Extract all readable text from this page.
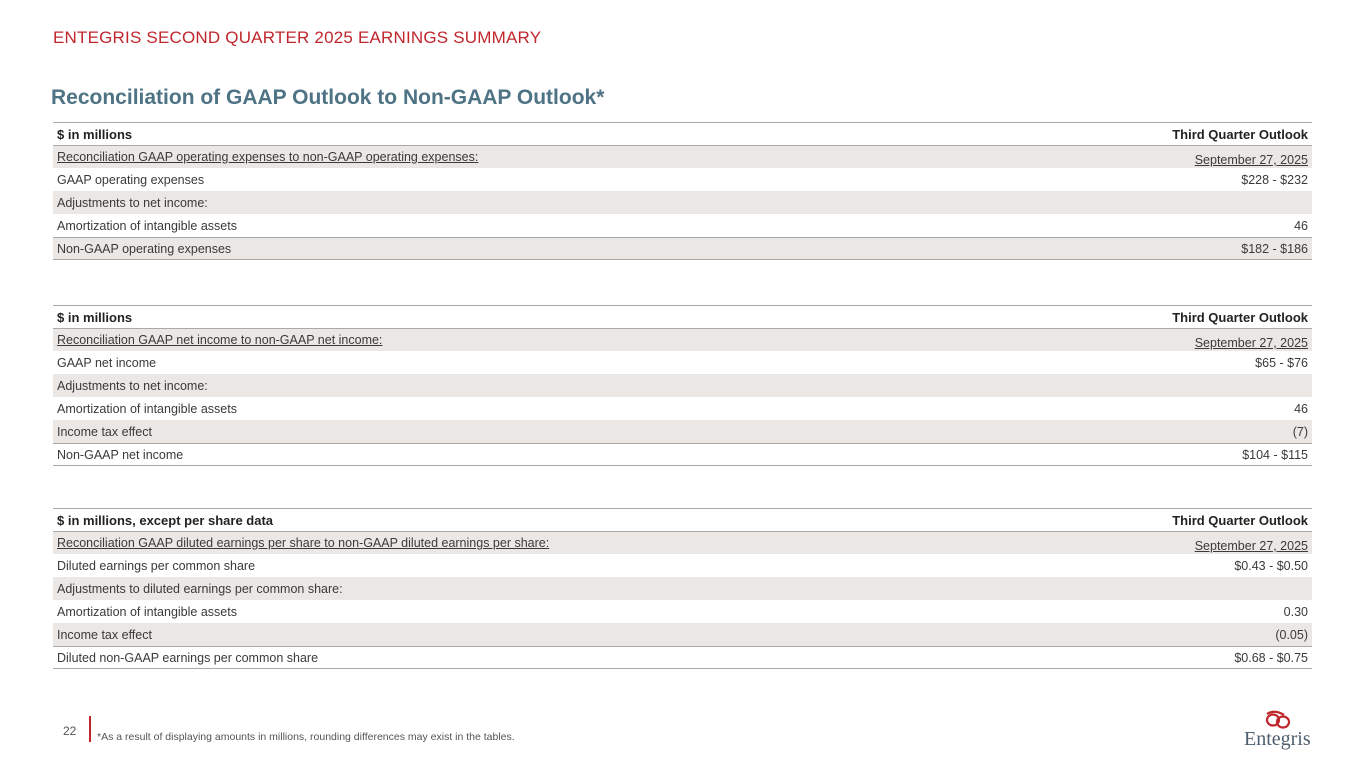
ENTEGRIS SECOND QUARTER 2025 EARNINGS SUMMARY
Reconciliation of GAAP Outlook to Non-GAAP Outlook*
$ in millions	Third Quarter Outlook
Reconciliation GAAP operating expenses to non-GAAP operating expenses:	September 27, 2025
GAAP operating expenses	$228 - $232
Adjustments to net income:
Amortization of intangible assets	46
Non-GAAP operating expenses	$182 - $186
$ in millions	Third Quarter Outlook
Reconciliation GAAP net income to non-GAAP net income:	September 27, 2025
GAAP net income	$65 - $76
Adjustments to net income:
Amortization of intangible assets	46
Income tax effect	(7)
Non-GAAP net income	$104 - $115
$ in millions, except per share data	Third Quarter Outlook
Reconciliation GAAP diluted earnings per share to non-GAAP diluted earnings per share:	September 27, 2025
Diluted earnings per common share	$0.43 - $0.50
Adjustments to diluted earnings per common share:
Amortization of intangible assets	0.30
Income tax effect	(0.05)
Diluted non-GAAP earnings per common share	$0.68 - $0.75
22 *As a result of displaying amounts in millions, rounding differences may exist in the tables.	Entegris
